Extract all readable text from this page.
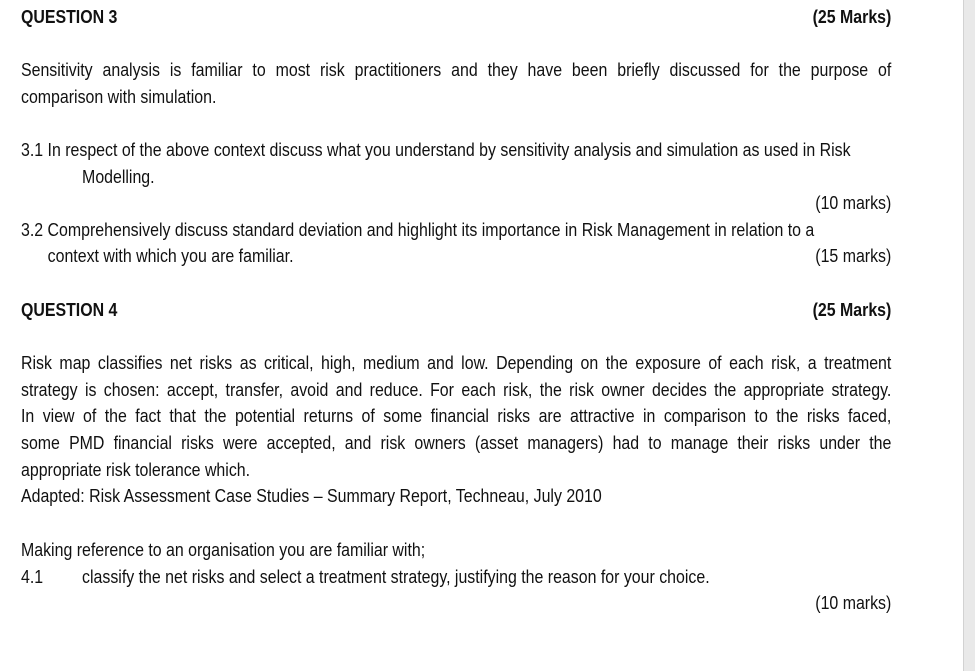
QUESTION 3	(25 Marks)
Sensitivity analysis is familiar to most risk practitioners and they have been briefly discussed for the purpose of
comparison with simulation.
3.1 In respect of the above context discuss what you understand by sensitivity analysis and simulation as used in Risk
Modelling.
(10 marks)
3.2 Comprehensively discuss standard deviation and highlight its importance in Risk Management in relation to a
context with which you are familiar.	(15 marks)
QUESTION 4	(25 Marks)
Risk map classifies net risks as critical, high, medium and low. Depending on the exposure of each risk, a treatment
strategy is chosen: accept, transfer, avoid and reduce. For each risk, the risk owner decides the appropriate strategy.
In view of the fact that the potential returns of some financial risks are attractive in comparison to the risks faced,
some PMD financial risks were accepted, and risk owners (asset managers) had to manage their risks under the
appropriate risk tolerance which.
Adapted: Risk Assessment Case Studies – Summary Report, Techneau, July 2010
Making reference to an organisation you are familiar with;
4.1 classify the net risks and select a treatment strategy, justifying the reason for your choice.
(10 marks)
